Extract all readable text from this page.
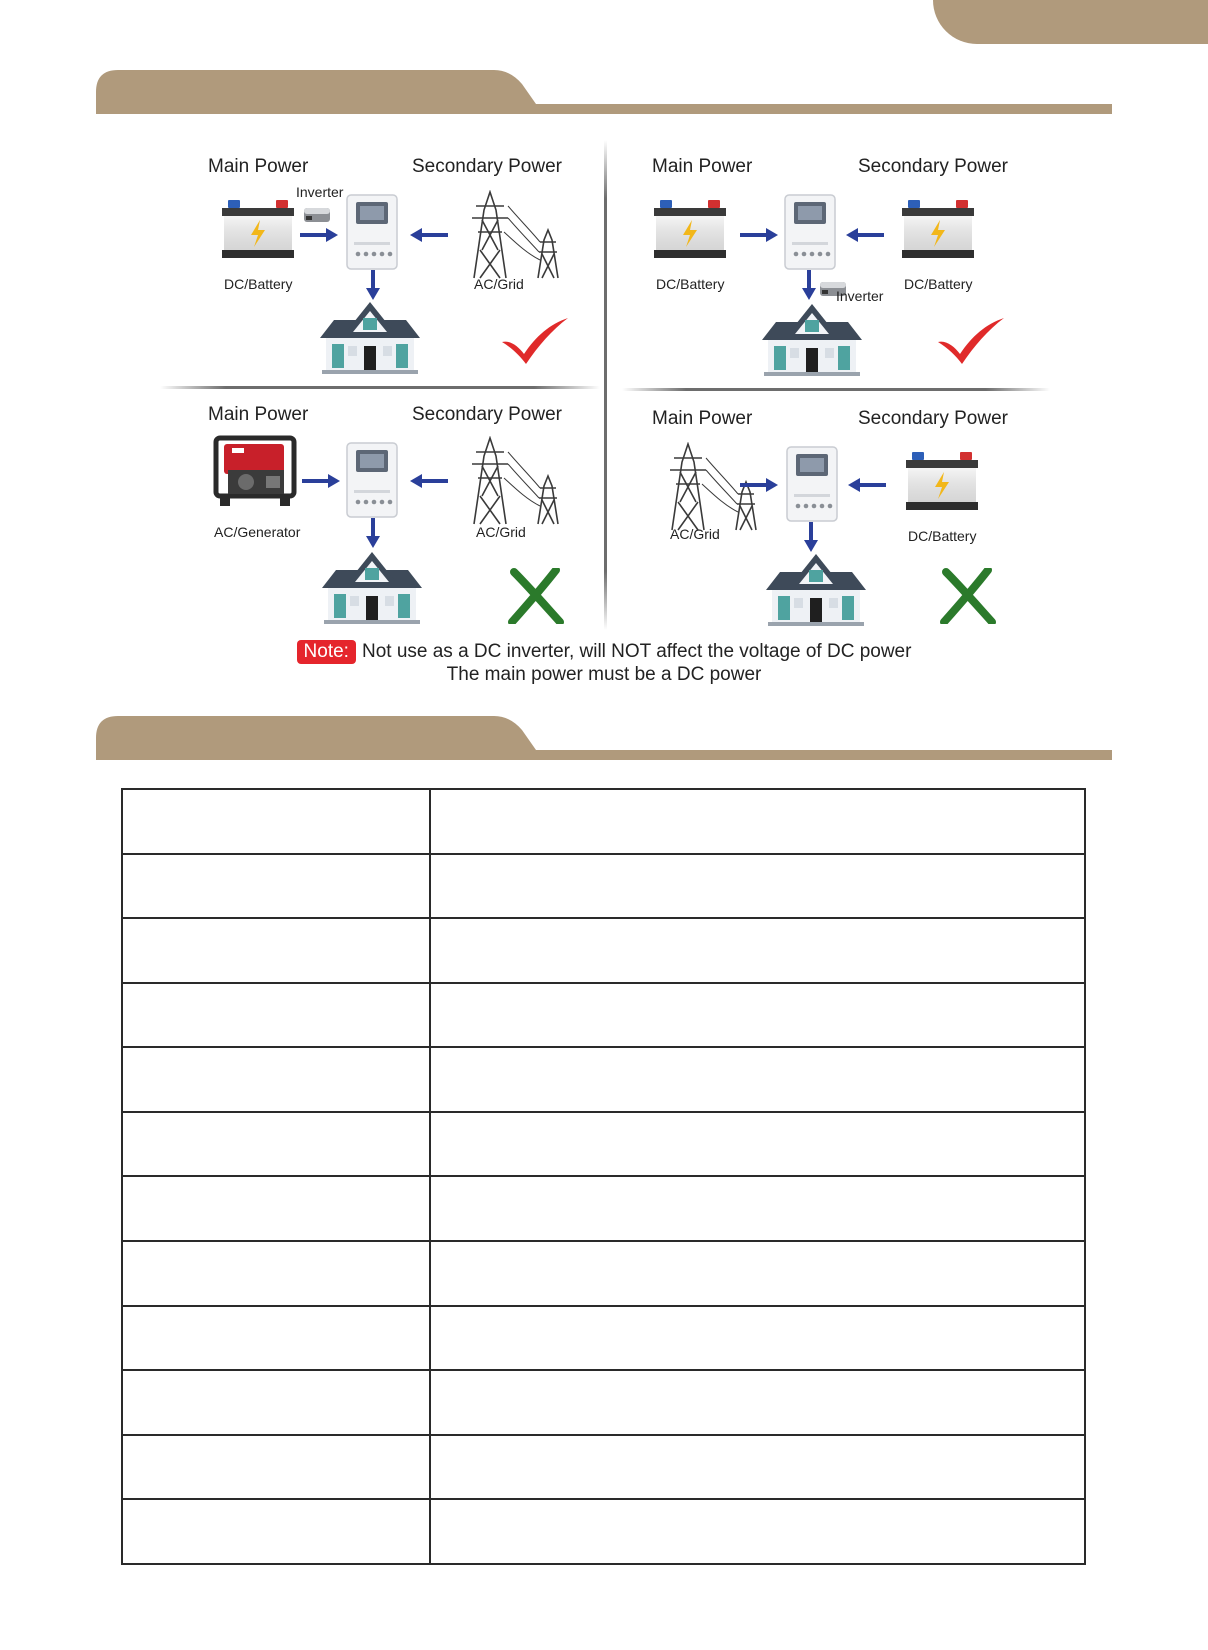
Main Power	Secondary Power
Inverter
DC/Battery	AC/Grid
Main Power	Secondary Power
DC/Battery	DC/Battery
Inverter
Main Power	Secondary Power
AC/Generator	AC/Grid
Main Power	Secondary Power
AC/Grid	DC/Battery
Note: Not use as a DC inverter, will NOT affect the voltage of DC power
The main power must be a DC power
